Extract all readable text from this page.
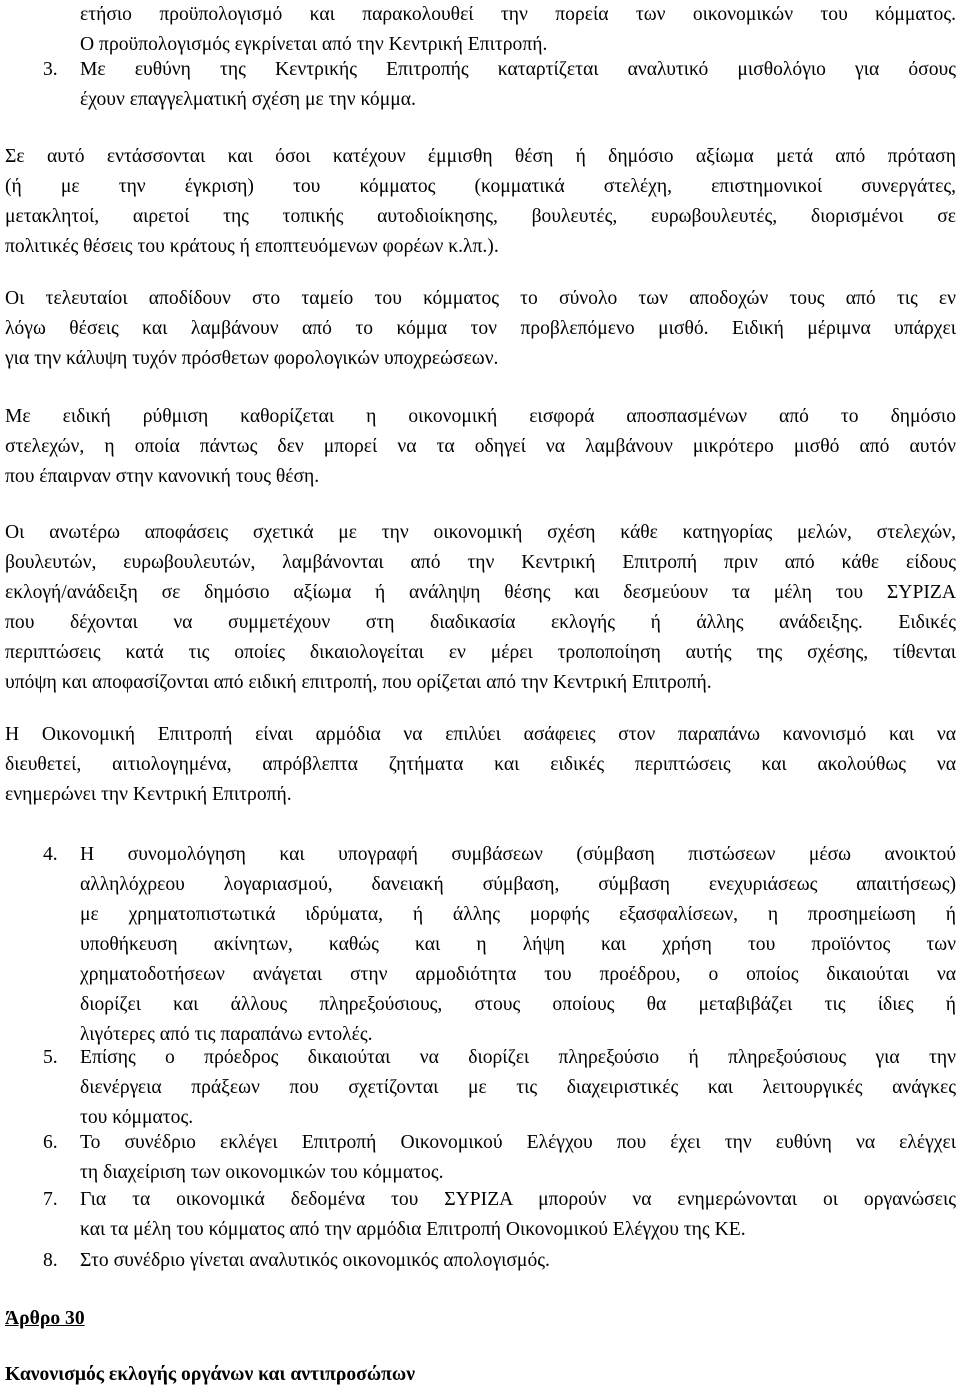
ετήσιο προϋπολογισμό και παρακολουθεί την πορεία των οικονομικών του κόμματος.
Ο προϋπολογισμός εγκρίνεται από την Κεντρική Επιτροπή.
3. Με ευθύνη της Κεντρικής Επιτροπής καταρτίζεται αναλυτικό μισθολόγιο για όσους
έχουν επαγγελματική σχέση με την κόμμα.
Σε αυτό εντάσσονται και όσοι κατέχουν έμμισθη θέση ή δημόσιο αξίωμα μετά από πρόταση
(ή με την έγκριση) του κόμματος (κομματικά στελέχη, επιστημονικοί συνεργάτες,
μετακλητοί, αιρετοί της τοπικής αυτοδιοίκησης, βουλευτές, ευρωβουλευτές, διορισμένοι σε
πολιτικές θέσεις του κράτους ή εποπτευόμενων φορέων κ.λπ.).
Οι τελευταίοι αποδίδουν στο ταμείο του κόμματος το σύνολο των αποδοχών τους από τις εν
λόγω θέσεις και λαμβάνουν από το κόμμα τον προβλεπόμενο μισθό. Ειδική μέριμνα υπάρχει
για την κάλυψη τυχόν πρόσθετων φορολογικών υποχρεώσεων.
Με ειδική ρύθμιση καθορίζεται η οικονομική εισφορά αποσπασμένων από το δημόσιο
στελεχών, η οποία πάντως δεν μπορεί να τα οδηγεί να λαμβάνουν μικρότερο μισθό από αυτόν
που έπαιρναν στην κανονική τους θέση.
Οι ανωτέρω αποφάσεις σχετικά με την οικονομική σχέση κάθε κατηγορίας μελών, στελεχών,
βουλευτών, ευρωβουλευτών, λαμβάνονται από την Κεντρική Επιτροπή πριν από κάθε είδους
εκλογή/ανάδειξη σε δημόσιο αξίωμα ή ανάληψη θέσης και δεσμεύουν τα μέλη του ΣΥΡΙΖΑ
που δέχονται να συμμετέχουν στη διαδικασία εκλογής ή άλλης ανάδειξης. Ειδικές
περιπτώσεις κατά τις οποίες δικαιολογείται εν μέρει τροποποίηση αυτής της σχέσης, τίθενται
υπόψη και αποφασίζονται από ειδική επιτροπή, που ορίζεται από την Κεντρική Επιτροπή.
Η Οικονομική Επιτροπή είναι αρμόδια να επιλύει ασάφειες στον παραπάνω κανονισμό και να
διευθετεί, αιτιολογημένα, απρόβλεπτα ζητήματα και ειδικές περιπτώσεις και ακολούθως να
ενημερώνει την Κεντρική Επιτροπή.
4. Η συνομολόγηση και υπογραφή συμβάσεων (σύμβαση πιστώσεων μέσω ανοικτού
αλληλόχρεου λογαριασμού, δανειακή σύμβαση, σύμβαση ενεχυριάσεως απαιτήσεως)
με χρηματοπιστωτικά ιδρύματα, ή άλλης μορφής εξασφαλίσεων, η προσημείωση ή
υποθήκευση ακίνητων, καθώς και η λήψη και χρήση του προϊόντος των
χρηματοδοτήσεων ανάγεται στην αρμοδιότητα του προέδρου, ο οποίος δικαιούται να
διορίζει και άλλους πληρεξούσιους, στους οποίους θα μεταβιβάζει τις ίδιες ή
λιγότερες από τις παραπάνω εντολές.
5. Επίσης ο πρόεδρος δικαιούται να διορίζει πληρεξούσιο ή πληρεξούσιους για την
διενέργεια πράξεων που σχετίζονται με τις διαχειριστικές και λειτουργικές ανάγκες
του κόμματος.
6. Το συνέδριο εκλέγει Επιτροπή Οικονομικού Ελέγχου που έχει την ευθύνη να ελέγχει
τη διαχείριση των οικονομικών του κόμματος.
7. Για τα οικονομικά δεδομένα του ΣΥΡΙΖΑ μπορούν να ενημερώνονται οι οργανώσεις
και τα μέλη του κόμματος από την αρμόδια Επιτροπή Οικονομικού Ελέγχου της ΚΕ.
8. Στο συνέδριο γίνεται αναλυτικός οικονομικός απολογισμός.
Άρθρο 30
Κανονισμός εκλογής οργάνων και αντιπροσώπων
